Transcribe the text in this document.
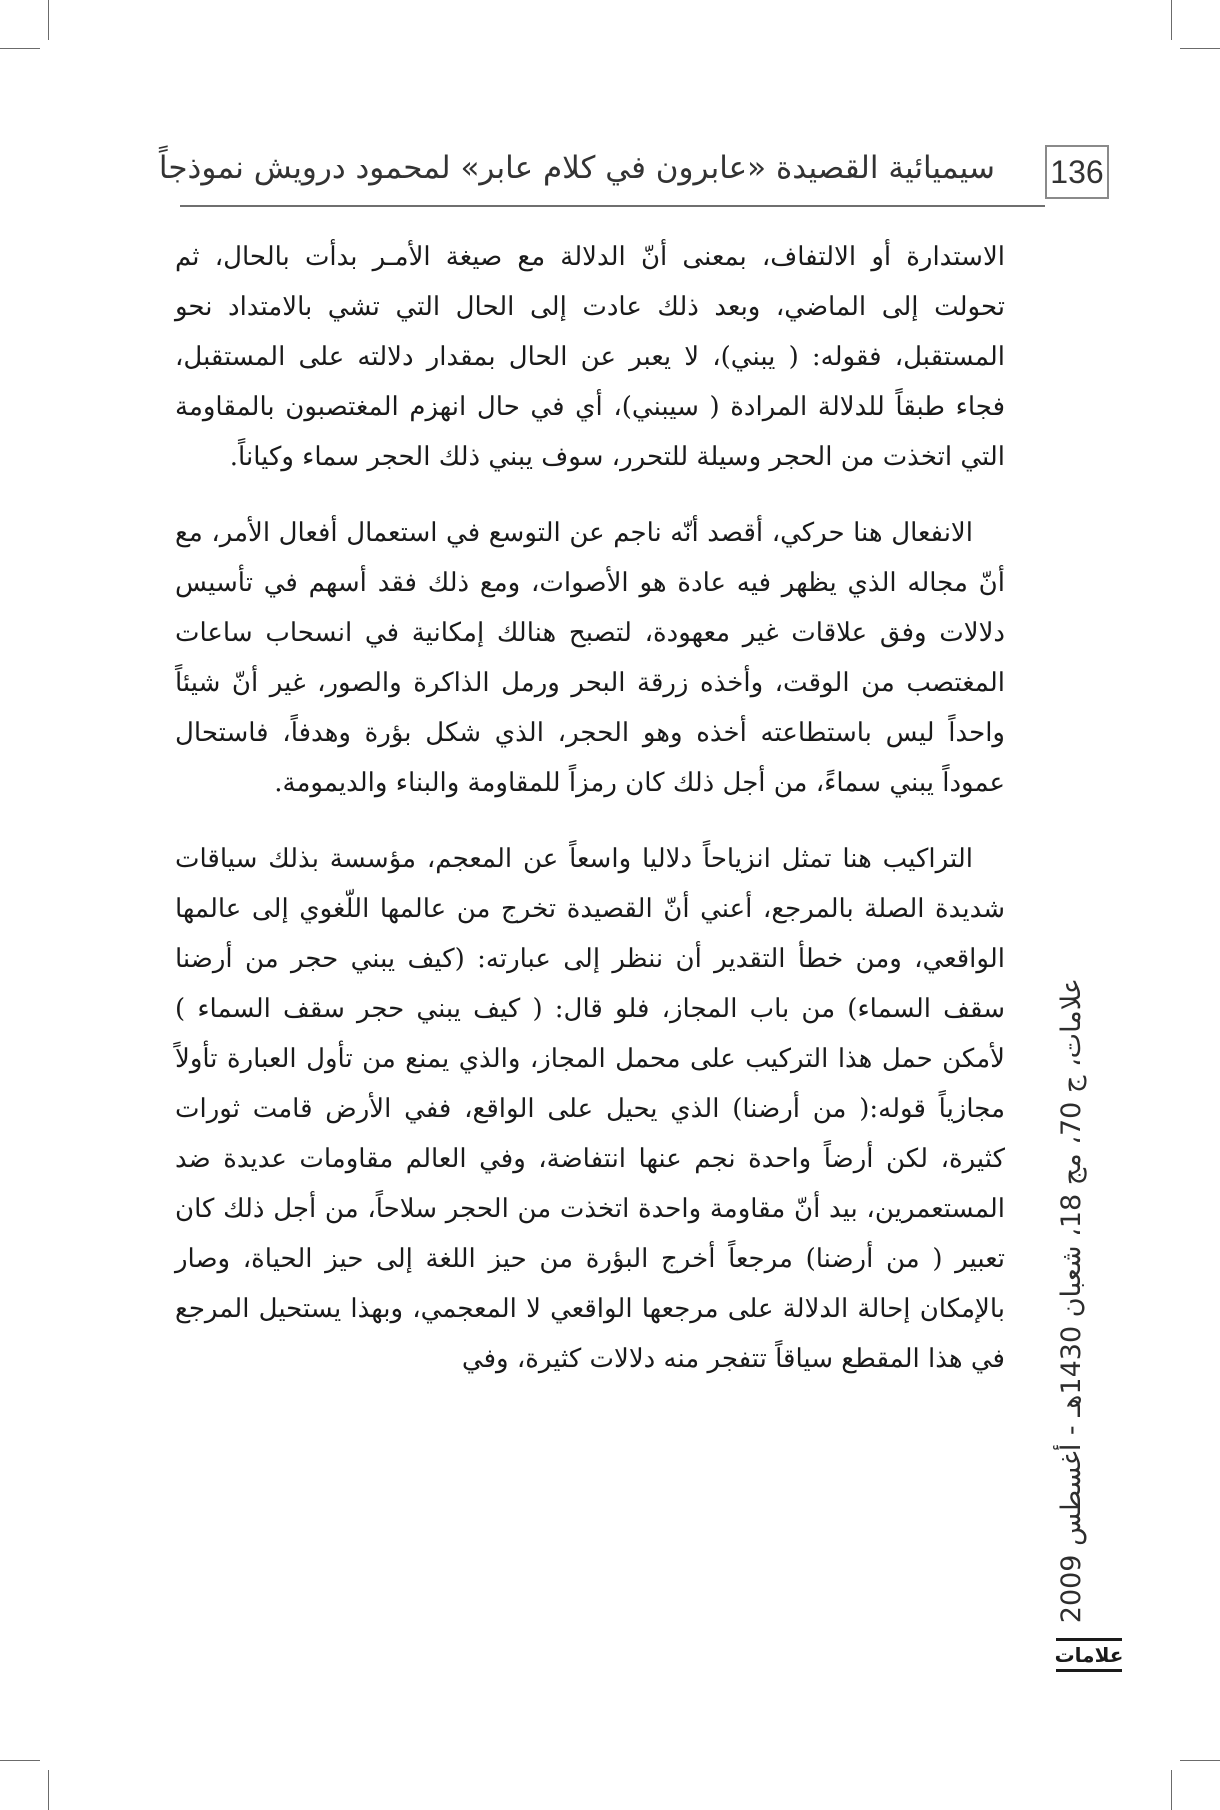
136
سيميائية القصيدة «عابرون في كلام عابر» لمحمود درويش نموذجاً

الاستدارة أو الالتفاف، بمعنى أنّ الدلالة مع صيغة الأمـر بدأت بالحال، ثم تحولت إلى الماضي، وبعد ذلك عادت إلى الحال التي تشي بالامتداد نحو المستقبل، فقوله: ( يبني)، لا يعبر عن الحال بمقدار دلالته على المستقبل، فجاء طبقاً للدلالة المرادة ( سيبني)، أي في حال انهزم المغتصبون بالمقاومة التي اتخذت من الحجر وسيلة للتحرر، سوف يبني ذلك الحجر سماء وكياناً.

الانفعال هنا حركي، أقصد أنّه ناجم عن التوسع في استعمال أفعال الأمر، مع أنّ مجاله الذي يظهر فيه عادة هو الأصوات، ومع ذلك فقد أسهم في تأسيس دلالات وفق علاقات غير معهودة، لتصبح هنالك إمكانية في انسحاب ساعات المغتصب من الوقت، وأخذه زرقة البحر ورمل الذاكرة والصور، غير أنّ شيئاً واحداً ليس باستطاعته أخذه وهو الحجر، الذي شكل بؤرة وهدفاً، فاستحال عموداً يبني سماءً، من أجل ذلك كان رمزاً للمقاومة والبناء والديمومة.

التراكيب هنا تمثل انزياحاً دلاليا واسعاً عن المعجم، مؤسسة بذلك سياقات شديدة الصلة بالمرجع، أعني أنّ القصيدة تخرج من عالمها اللّغوي إلى عالمها الواقعي، ومن خطأ التقدير أن ننظر إلى عبارته: (كيف يبني حجر من أرضنا سقف السماء) من باب المجاز، فلو قال: ( كيف يبني حجر سقف السماء ) لأمكن حمل هذا التركيب على محمل المجاز، والذي يمنع من تأول العبارة تأولاً مجازياً قوله:( من أرضنا) الذي يحيل على الواقع، ففي الأرض قامت ثورات كثيرة، لكن أرضاً واحدة نجم عنها انتفاضة، وفي العالم مقاومات عديدة ضد المستعمرين، بيد أنّ مقاومة واحدة اتخذت من الحجر سلاحاً، من أجل ذلك كان تعبير ( من أرضنا) مرجعاً أخرج البؤرة من حيز اللغة إلى حيز الحياة، وصار بالإمكان إحالة الدلالة على مرجعها الواقعي لا المعجمي، وبهذا يستحيل المرجع في هذا المقطع سياقاً تتفجر منه دلالات كثيرة، وفي

علامات، ج 70، مج 18، شعبان 1430هـ - أغسطس 2009
علامات
